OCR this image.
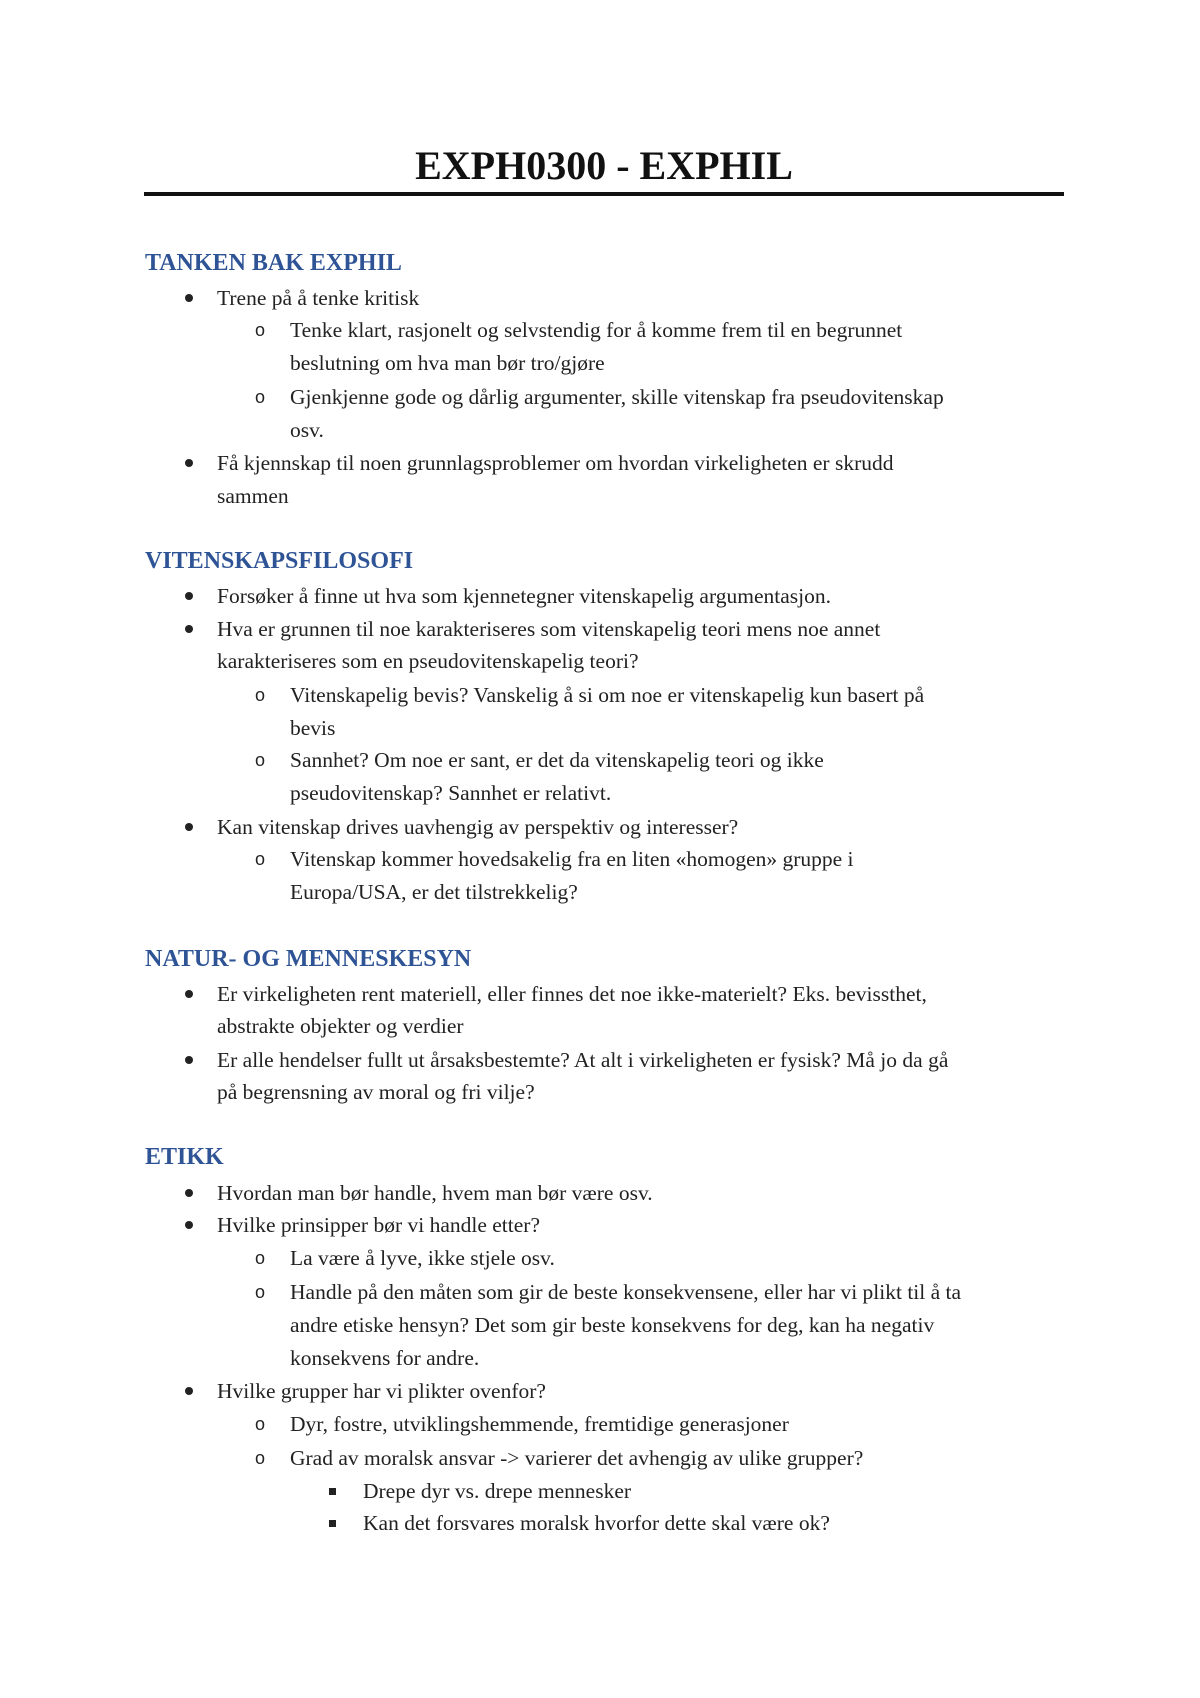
EXPH0300 - EXPHIL
TANKEN BAK EXPHIL

Trene på å tenke kritisk

o Tenke klart, rasjonelt og selvstendig for å komme frem til en begrunnet

beslutning om hva man bør tro/gjøre

o Gjenkjenne gode og dårlig argumenter, skille vitenskap fra pseudovitenskap

osv.

Få kjennskap til noen grunnlagsproblemer om hvordan virkeligheten er skrudd

sammen

VITENSKAPSFILOSOFI

Forsøker å finne ut hva som kjennetegner vitenskapelig argumentasjon.

Hva er grunnen til noe karakteriseres som vitenskapelig teori mens noe annet

karakteriseres som en pseudovitenskapelig teori?

o Vitenskapelig bevis? Vanskelig å si om noe er vitenskapelig kun basert på

bevis

o Sannhet? Om noe er sant, er det da vitenskapelig teori og ikke

pseudovitenskap? Sannhet er relativt.

Kan vitenskap drives uavhengig av perspektiv og interesser?

o Vitenskap kommer hovedsakelig fra en liten «homogen» gruppe i

Europa/USA, er det tilstrekkelig?

NATUR- OG MENNESKESYN

Er virkeligheten rent materiell, eller finnes det noe ikke-materielt? Eks. bevissthet,

abstrakte objekter og verdier

Er alle hendelser fullt ut årsaksbestemte? At alt i virkeligheten er fysisk? Må jo da gå

på begrensning av moral og fri vilje?

ETIKK

Hvordan man bør handle, hvem man bør være osv.

Hvilke prinsipper bør vi handle etter?

o La være å lyve, ikke stjele osv.

o Handle på den måten som gir de beste konsekvensene, eller har vi plikt til å ta

andre etiske hensyn? Det som gir beste konsekvens for deg, kan ha negativ

konsekvens for andre.

Hvilke grupper har vi plikter ovenfor?

o Dyr, fostre, utviklingshemmende, fremtidige generasjoner

o Grad av moralsk ansvar -> varierer det avhengig av ulike grupper?

Drepe dyr vs. drepe mennesker

Kan det forsvares moralsk hvorfor dette skal være ok?
